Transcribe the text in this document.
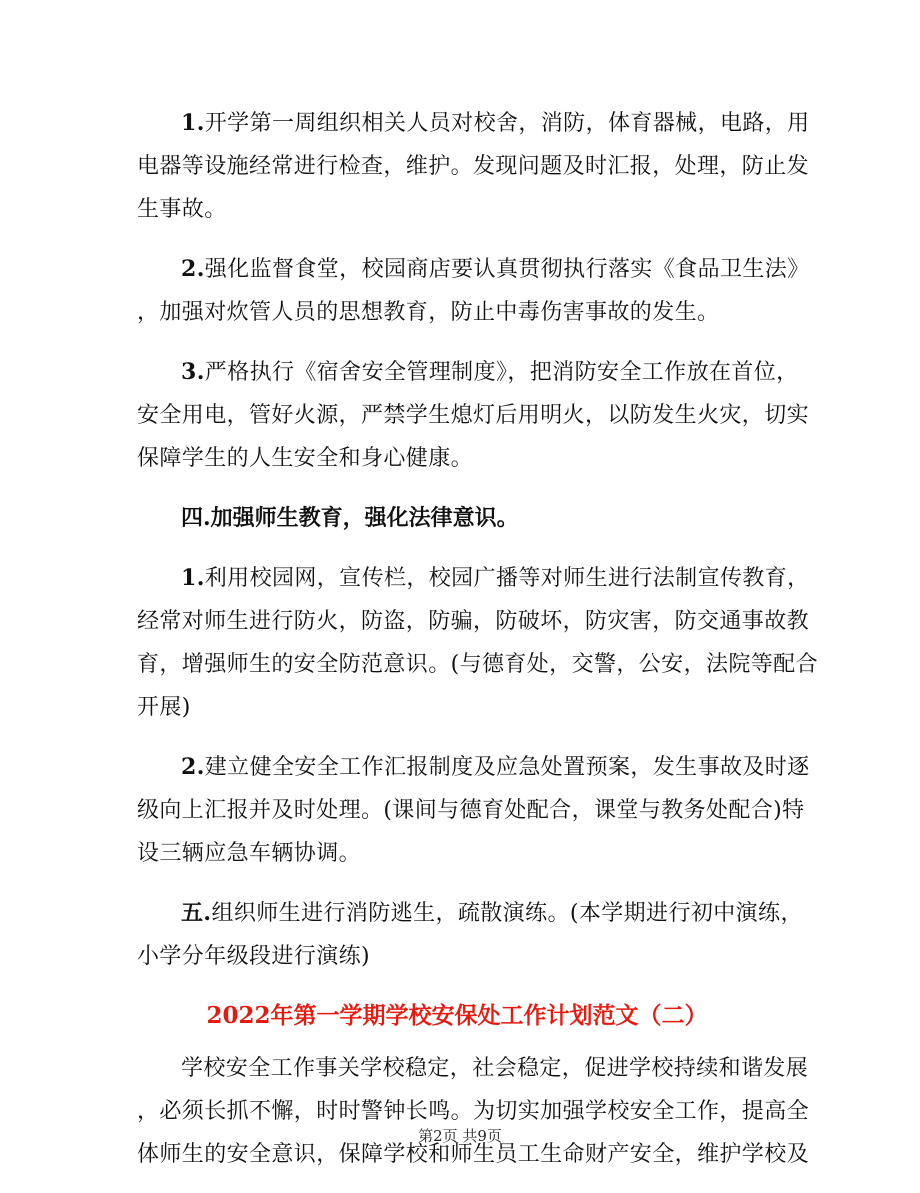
1.开学第一周组织相关人员对校舍，消防，体育器械，电路，用
电器等设施经常进行检查，维护。发现问题及时汇报，处理，防止发
生事故。
2.强化监督食堂，校园商店要认真贯彻执行落实《食品卫生法》
，加强对炊管人员的思想教育，防止中毒伤害事故的发生。
3.严格执行《宿舍安全管理制度》，把消防安全工作放在首位，
安全用电，管好火源，严禁学生熄灯后用明火，以防发生火灾，切实
保障学生的人生安全和身心健康。
四.加强师生教育，强化法律意识。
1.利用校园网，宣传栏，校园广播等对师生进行法制宣传教育，
经常对师生进行防火，防盗，防骗，防破坏，防灾害，防交通事故教
育，增强师生的安全防范意识。(与德育处，交警，公安，法院等配合
开展)
2.建立健全安全工作汇报制度及应急处置预案，发生事故及时逐
级向上汇报并及时处理。(课间与德育处配合，课堂与教务处配合)特
设三辆应急车辆协调。
五.组织师生进行消防逃生，疏散演练。(本学期进行初中演练，
小学分年级段进行演练)
2022年第一学期学校安保处工作计划范文（二）
学校安全工作事关学校稳定，社会稳定，促进学校持续和谐发展
，必须长抓不懈，时时警钟长鸣。为切实加强学校安全工作，提高全
体师生的安全意识，保障学校和师生员工生命财产安全，维护学校及
第2页 共9页
